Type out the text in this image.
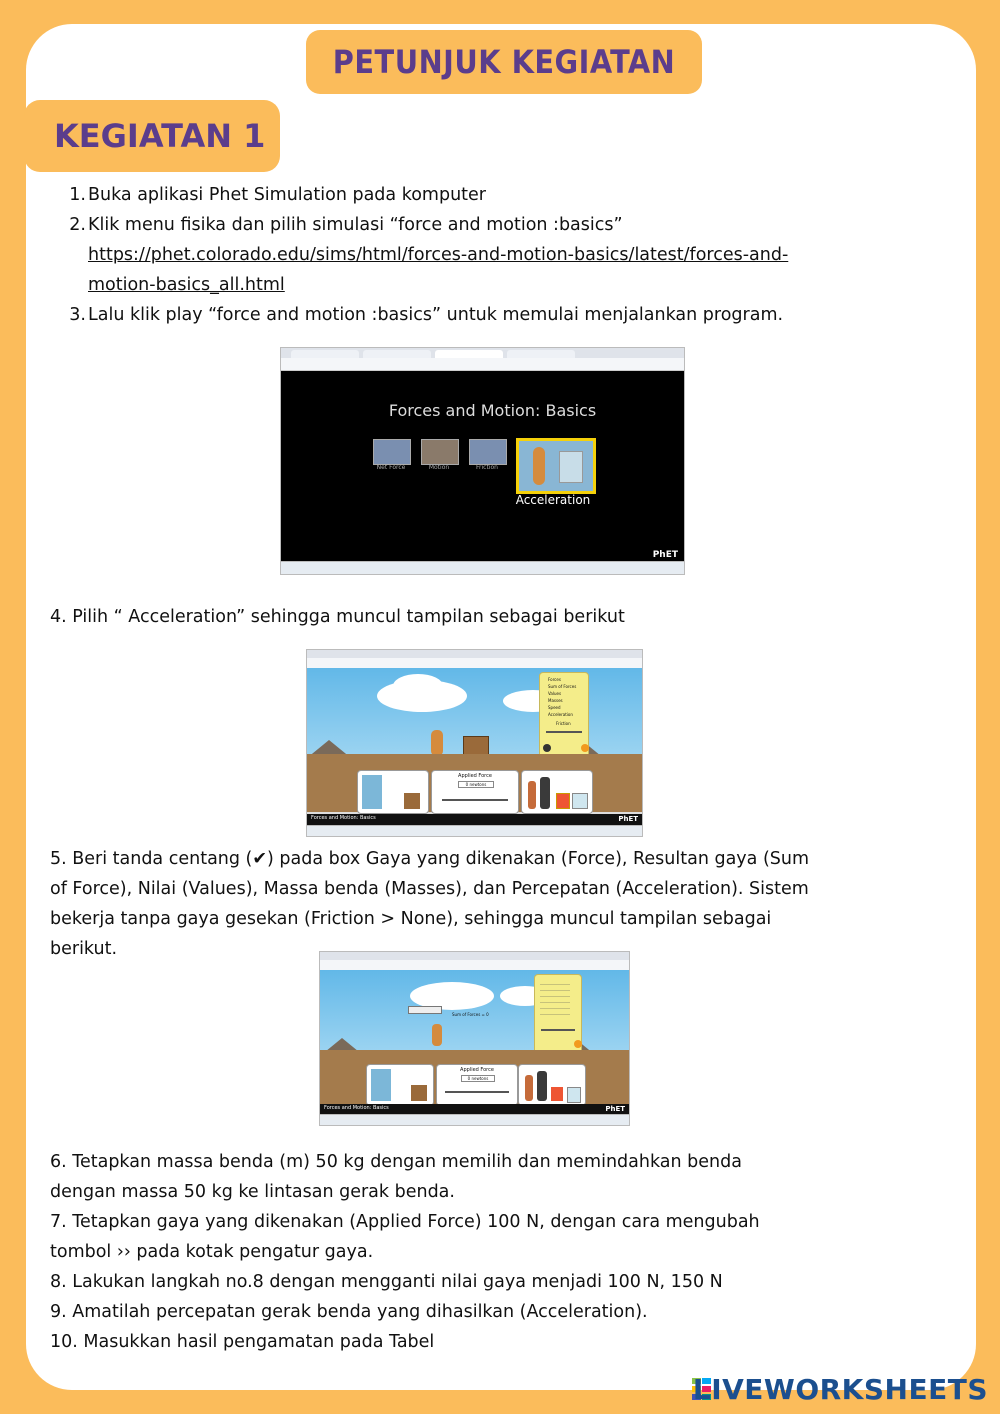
PETUNJUK KEGIATAN
KEGIATAN 1
1. Buka aplikasi Phet Simulation pada komputer
2. Klik menu fisika dan pilih simulasi “force and motion :basics”
https://phet.colorado.edu/sims/html/forces-and-motion-basics/latest/forces-and-
motion-basics_all.html
3. Lalu klik play “force and motion :basics” untuk memulai menjalankan program.
Forces and Motion: Basics
Net Force	Motion	Friction
Acceleration
PhET
4. Pilih “ Acceleration” sehingga muncul tampilan sebagai berikut
Forces
Sum of Forces
Values
Masses
Speed
Acceleration
Friction
Applied Force
0 newtons
Forces and Motion: Basics	PhET
5. Beri tanda centang (✔) pada box Gaya yang dikenakan (Force), Resultan gaya (Sum
of Force), Nilai (Values), Massa benda (Masses), dan Percepatan (Acceleration). Sistem
bekerja tanpa gaya gesekan (Friction > None), sehingga muncul tampilan sebagai
berikut.
Sum of Forces = 0
Applied Force
0 newtons
Forces and Motion: Basics	PhET
6. Tetapkan massa benda (m) 50 kg dengan memilih dan memindahkan benda
dengan massa 50 kg ke lintasan gerak benda.
7. Tetapkan gaya yang dikenakan (Applied Force) 100 N, dengan cara mengubah
tombol ›› pada kotak pengatur gaya.
8. Lakukan langkah no.8 dengan mengganti nilai gaya menjadi 100 N, 150 N
9. Amatilah percepatan gerak benda yang dihasilkan (Acceleration).
10. Masukkan hasil pengamatan pada Tabel
LIVEWORKSHEETS
